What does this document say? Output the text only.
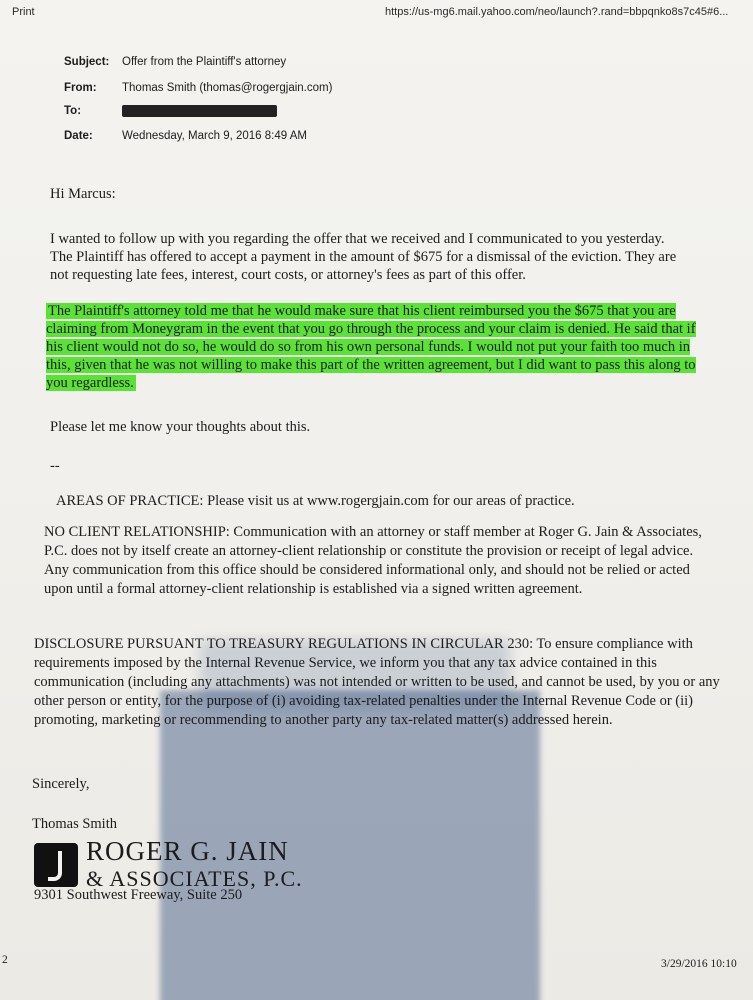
Print	https://us-mg6.mail.yahoo.com/neo/launch?.rand=bbpqnko8s7c45#6...
Subject: Offer from the Plaintiff's attorney
From: Thomas Smith (thomas@rogergjain.com)
To:
Date:	Wednesday, March 9, 2016 8:49 AM
Hi Marcus:
I wanted to follow up with you regarding the offer that we received and I communicated to you yesterday. The Plaintiff has offered to accept a payment in the amount of $675 for a dismissal of the eviction. They are not requesting late fees, interest, court costs, or attorney's fees as part of this offer.
The Plaintiff's attorney told me that he would make sure that his client reimbursed you the $675 that you are claiming from Moneygram in the event that you go through the process and your claim is denied. He said that if his client would not do so, he would do so from his own personal funds. I would not put your faith too much in this, given that he was not willing to make this part of the written agreement, but I did want to pass this along to you regardless.
Please let me know your thoughts about this.
--
AREAS OF PRACTICE: Please visit us at www.rogergjain.com for our areas of practice.
NO CLIENT RELATIONSHIP: Communication with an attorney or staff member at Roger G. Jain & Associates, P.C. does not by itself create an attorney-client relationship or constitute the provision or receipt of legal advice. Any communication from this office should be considered informational only, and should not be relied or acted upon until a formal attorney-client relationship is established via a signed written agreement.
DISCLOSURE PURSUANT TO TREASURY REGULATIONS IN CIRCULAR 230: To ensure compliance with requirements imposed by the Internal Revenue Service, we inform you that any tax advice contained in this communication (including any attachments) was not intended or written to be used, and cannot be used, by you or any other person or entity, for the purpose of (i) avoiding tax-related penalties under the Internal Revenue Code or (ii) promoting, marketing or recommending to another party any tax-related matter(s) addressed herein.
Sincerely,
Thomas Smith
ROGER G. JAIN
& ASSOCIATES, P.C.
9301 Southwest Freeway, Suite 250
2	3/29/2016 10:10
